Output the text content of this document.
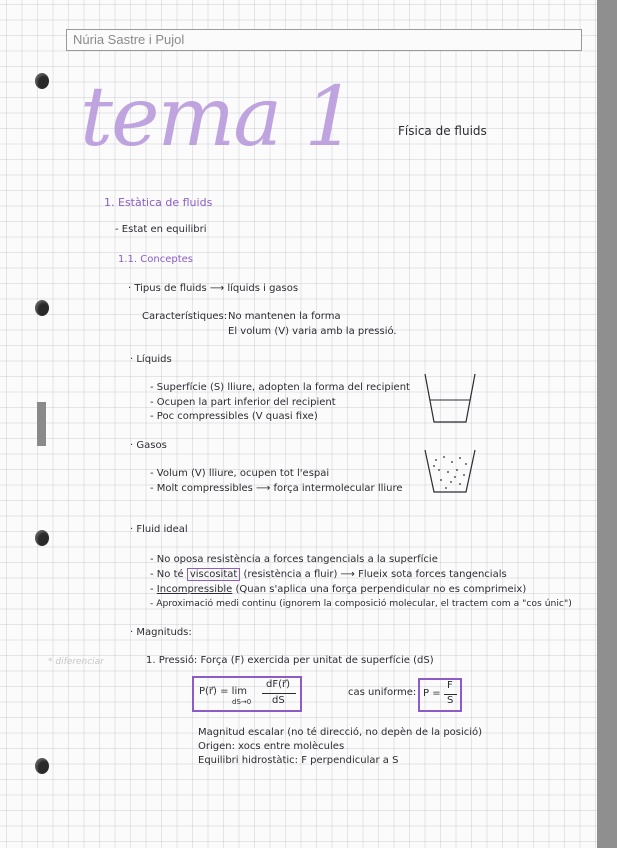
Núria Sastre i Pujol
tema 1	Física de fluids
1. Estàtica de fluids
- Estat en equilibri
1.1. Conceptes
· Tipus de fluids ⟶ líquids i gasos
Característiques: No mantenen la forma
El volum (V) varia amb la pressió.
· Líquids
- Superfície (S) lliure, adopten la forma del recipient
- Ocupen la part inferior del recipient
- Poc compressibles (V quasi fixe)
· Gasos
- Volum (V) lliure, ocupen tot l'espai
- Molt compressibles ⟶ força intermolecular lliure
· Fluid ideal
- No oposa resistència a forces tangencials a la superfície
- No té viscositat (resistència a fluir) ⟶ Flueix sota forces tangencials
- Incompressible (Quan s'aplica una força perpendicular no es comprimeix)
- Aproximació medi continu (ignorem la composició molecular, el tractem com a "cos únic")
· Magnituds:
* diferenciar	1. Pressió: Força (F) exercida per unitat de superfície (dS)
P(r⃗) = lim
dS→0
dF(r⃗)
dS
cas uniforme: P =
F
S
Magnitud escalar (no té direcció, no depèn de la posició)
Origen: xocs entre molècules
Equilibri hidrostàtic: F perpendicular a S
